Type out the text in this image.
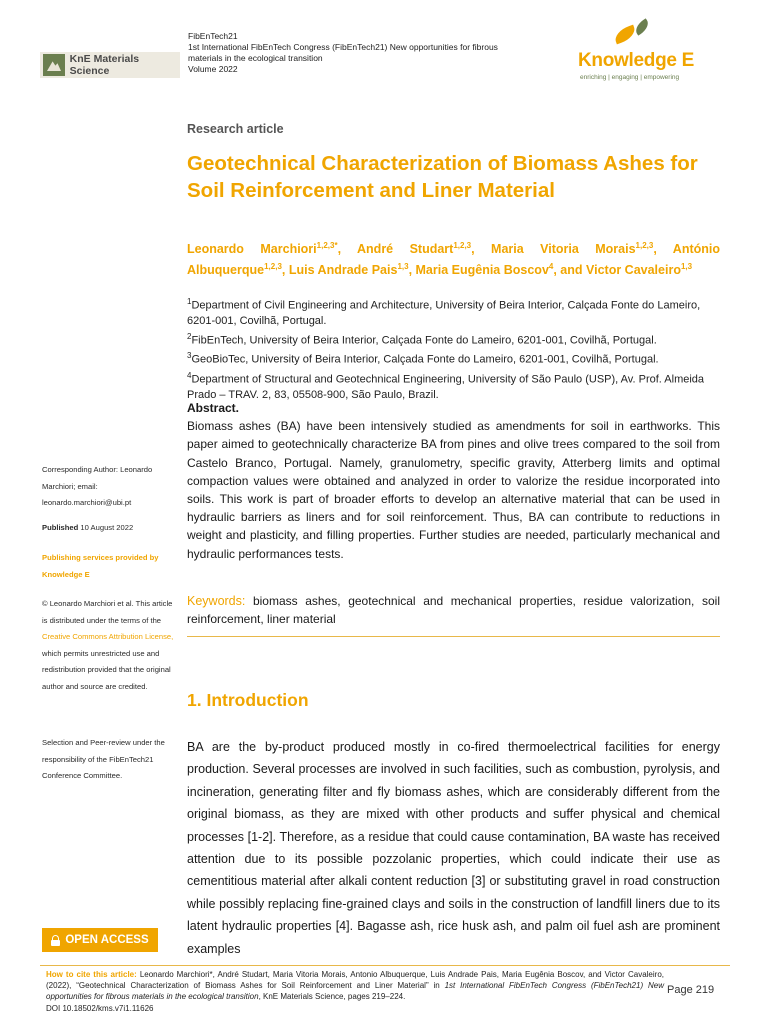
KnE Materials Science
FibEnTech21
1st International FibEnTech Congress (FibEnTech21) New opportunities for fibrous
materials in the ecological transition
Volume 2022	Knowledge E
enriching | engaging | empowering
Research article
Geotechnical Characterization of Biomass Ashes for Soil Reinforcement and Liner Material
Leonardo Marchiori$^{1,2,3*}$, André Studart$^{1,2,3}$, Maria Vitoria Morais$^{1,2,3}$, António Albuquerque$^{1,2,3}$, Luis Andrade Pais$^{1,3}$, Maria Eugênia Boscov$^4$, and Victor Cavaleiro$^{1,3}$
$^1$Department of Civil Engineering and Architecture, University of Beira Interior, Calçada Fonte do Lameiro, 6201-001, Covilhã, Portugal.
$^2$FibEnTech, University of Beira Interior, Calçada Fonte do Lameiro, 6201-001, Covilhã, Portugal.
$^3$GeoBioTec, University of Beira Interior, Calçada Fonte do Lameiro, 6201-001, Covilhã, Portugal.
$^4$Department of Structural and Geotechnical Engineering, University of São Paulo (USP), Av. Prof. Almeida Prado – TRAV. 2, 83, 05508-900, São Paulo, Brazil.
Abstract.
Biomass ashes (BA) have been intensively studied as amendments for soil in earthworks. This paper aimed to geotechnically characterize BA from pines and olive trees compared to the soil from Castelo Branco, Portugal. Namely, granulometry, specific gravity, Atterberg limits and optimal compaction values were obtained and analyzed in order to valorize the residue incorporated into soils. This work is part of broader efforts to develop an alternative material that can be used in hydraulic barriers as liners and for soil reinforcement. Thus, BA can contribute to reductions in weight and plasticity, and filling properties. Further studies are needed, particularly mechanical and hydraulic performances tests.
Keywords: biomass ashes, geotechnical and mechanical properties, residue valorization, soil reinforcement, liner material
1. Introduction

BA are the by-product produced mostly in co-fired thermoelectrical facilities for energy production. Several processes are involved in such facilities, such as combustion, pyrolysis, and incineration, generating filter and fly biomass ashes, which are considerably different from the original biomass, as they are mixed with other products and suffer physical and chemical processes [1-2]. Therefore, as a residue that could cause contamination, BA waste has received attention due to its possible pozzolanic properties, which could indicate their use as cementitious material after alkali content reduction [3] or substituting gravel in road construction while possibly replacing fine-grained clays and soils in the construction of landfill liners due to its latent hydraulic properties [4]. Bagasse ash, rice husk ash, and palm oil fuel ash are prominent examples

Corresponding Author: Leonardo Marchiori; email: leonardo.marchiori@ubi.pt
Published 10 August 2022
Publishing services provided by Knowledge E
© Leonardo Marchiori et al. This article is distributed under the terms of the Creative Commons Attribution License, which permits unrestricted use and redistribution provided that the original author and source are credited.
Selection and Peer-review under the responsibility of the FibEnTech21 Conference Committee.
OPEN ACCESS
How to cite this article: Leonardo Marchiori*, André Studart, Maria Vitoria Morais, Antonio Albuquerque, Luis Andrade Pais, Maria Eugênia Boscov, and Victor Cavaleiro, (2022), “Geotechnical Characterization of Biomass Ashes for Soil Reinforcement and Liner Material” in 1st International FibEnTech Congress (FibEnTech21) New opportunities for fibrous materials in the ecological transition, KnE Materials Science, pages 219–224.
DOI 10.18502/kms.v7i1.11626
Page 219
